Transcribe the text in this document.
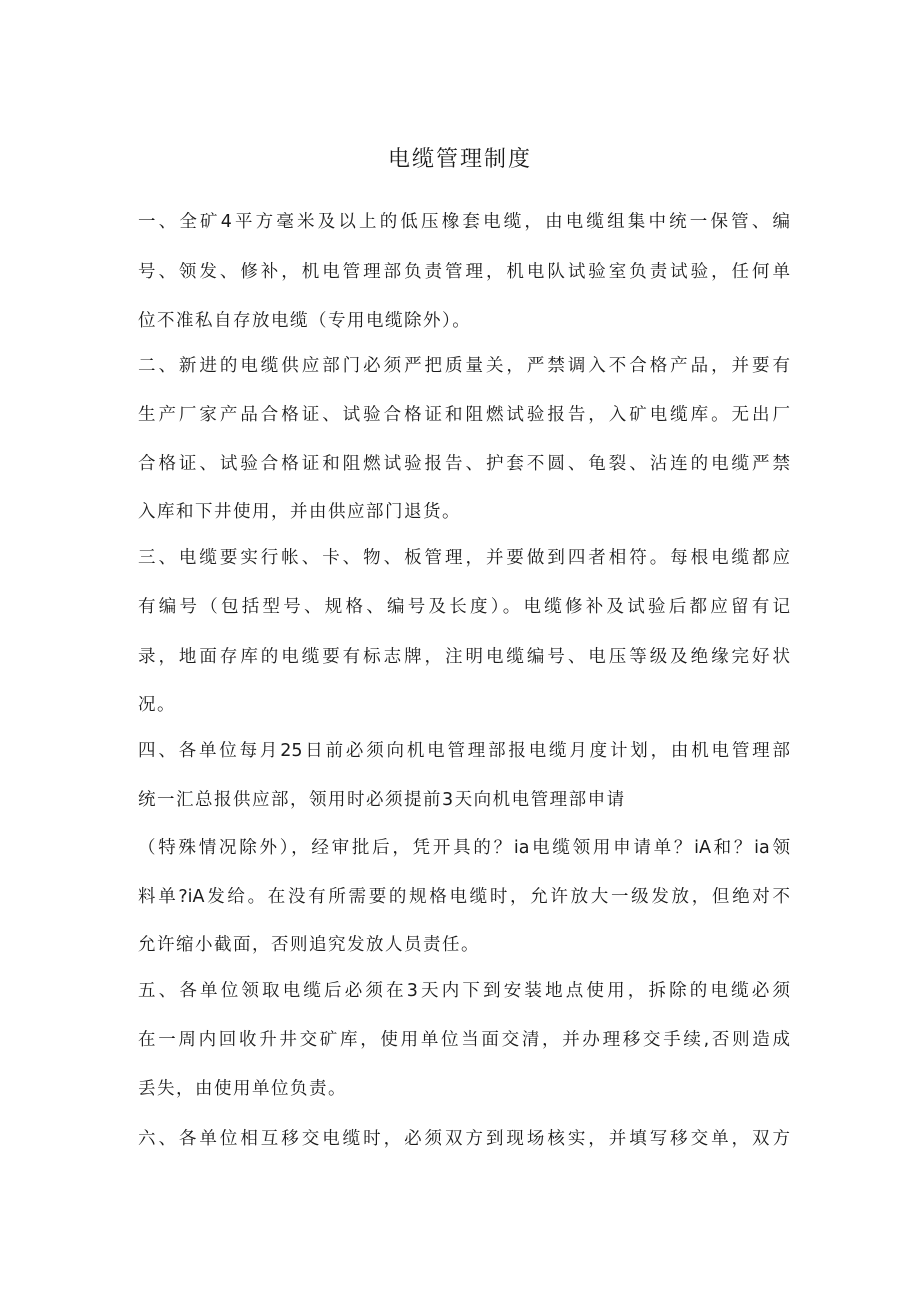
电缆管理制度
一、全矿4平方毫米及以上的低压橡套电缆，由电缆组集中统一保管、编
号、领发、修补，机电管理部负责管理，机电队试验室负责试验，任何单
位不准私自存放电缆（专用电缆除外）。
二、新进的电缆供应部门必须严把质量关，严禁调入不合格产品，并要有
生产厂家产品合格证、试验合格证和阻燃试验报告，入矿电缆库。无出厂
合格证、试验合格证和阻燃试验报告、护套不圆、龟裂、沾连的电缆严禁
入库和下井使用，并由供应部门退货。
三、电缆要实行帐、卡、物、板管理，并要做到四者相符。每根电缆都应
有编号（包括型号、规格、编号及长度）。电缆修补及试验后都应留有记
录，地面存库的电缆要有标志牌，注明电缆编号、电压等级及绝缘完好状
况。
四、各单位每月25日前必须向机电管理部报电缆月度计划，由机电管理部
统一汇总报供应部，领用时必须提前3天向机电管理部申请
（特殊情况除外），经审批后，凭开具的？ia电缆领用申请单？iA和？ia领
料单?iA发给。在没有所需要的规格电缆时，允许放大一级发放，但绝对不
允许缩小截面，否则追究发放人员责任。
五、各单位领取电缆后必须在3天内下到安装地点使用，拆除的电缆必须
在一周内回收升井交矿库，使用单位当面交清，并办理移交手续,否则造成
丢失，由使用单位负责。
六、各单位相互移交电缆时，必须双方到现场核实，并填写移交单，双方
